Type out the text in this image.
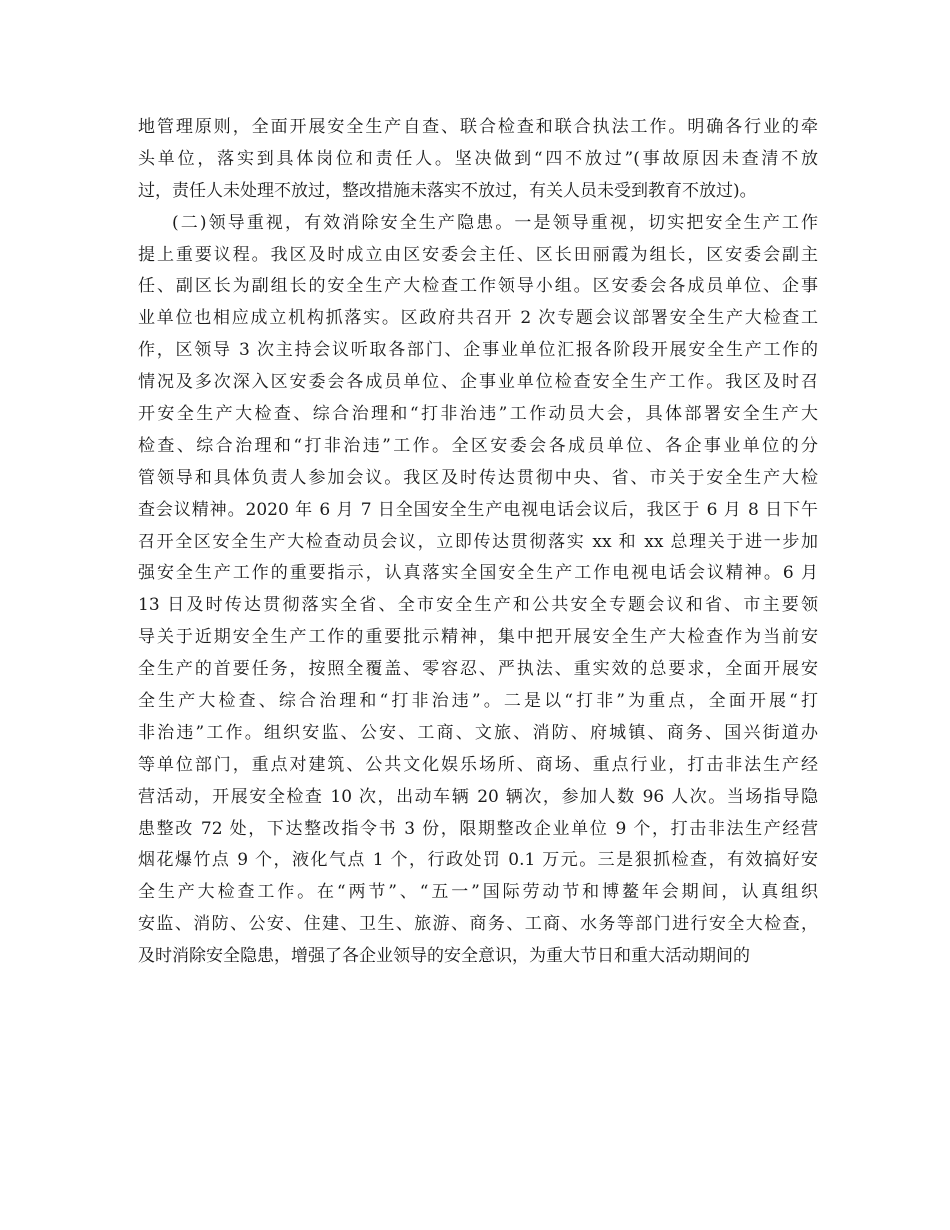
地管理原则，全面开展安全生产自查、联合检查和联合执法工作。明确各行业的牵
头单位，落实到具体岗位和责任人。坚决做到“四不放过”(事故原因未查清不放
过，责任人未处理不放过，整改措施未落实不放过，有关人员未受到教育不放过)。
(二)领导重视，有效消除安全生产隐患。一是领导重视，切实把安全生产工作
提上重要议程。我区及时成立由区安委会主任、区长田丽霞为组长，区安委会副主
任、副区长为副组长的安全生产大检查工作领导小组。区安委会各成员单位、企事
业单位也相应成立机构抓落实。区政府共召开 2 次专题会议部署安全生产大检查工
作，区领导 3 次主持会议听取各部门、企事业单位汇报各阶段开展安全生产工作的
情况及多次深入区安委会各成员单位、企事业单位检查安全生产工作。我区及时召
开安全生产大检查、综合治理和“打非治违”工作动员大会，具体部署安全生产大
检查、综合治理和“打非治违”工作。全区安委会各成员单位、各企事业单位的分
管领导和具体负责人参加会议。我区及时传达贯彻中央、省、市关于安全生产大检
查会议精神。2020 年 6 月 7 日全国安全生产电视电话会议后，我区于 6 月 8 日下午
召开全区安全生产大检查动员会议，立即传达贯彻落实 xx 和 xx 总理关于进一步加
强安全生产工作的重要指示，认真落实全国安全生产工作电视电话会议精神。6 月
13 日及时传达贯彻落实全省、全市安全生产和公共安全专题会议和省、市主要领
导关于近期安全生产工作的重要批示精神，集中把开展安全生产大检查作为当前安
全生产的首要任务，按照全覆盖、零容忍、严执法、重实效的总要求，全面开展安
全生产大检查、综合治理和“打非治违”。二是以“打非”为重点，全面开展“打
非治违”工作。组织安监、公安、工商、文旅、消防、府城镇、商务、国兴街道办
等单位部门，重点对建筑、公共文化娱乐场所、商场、重点行业，打击非法生产经
营活动，开展安全检查 10 次，出动车辆 20 辆次，参加人数 96 人次。当场指导隐
患整改 72 处，下达整改指令书 3 份，限期整改企业单位 9 个，打击非法生产经营
烟花爆竹点 9 个，液化气点 1 个，行政处罚 0.1 万元。三是狠抓检查，有效搞好安
全生产大检查工作。在“两节”、“五一”国际劳动节和博鳌年会期间，认真组织
安监、消防、公安、住建、卫生、旅游、商务、工商、水务等部门进行安全大检查，
及时消除安全隐患，增强了各企业领导的安全意识，为重大节日和重大活动期间的
